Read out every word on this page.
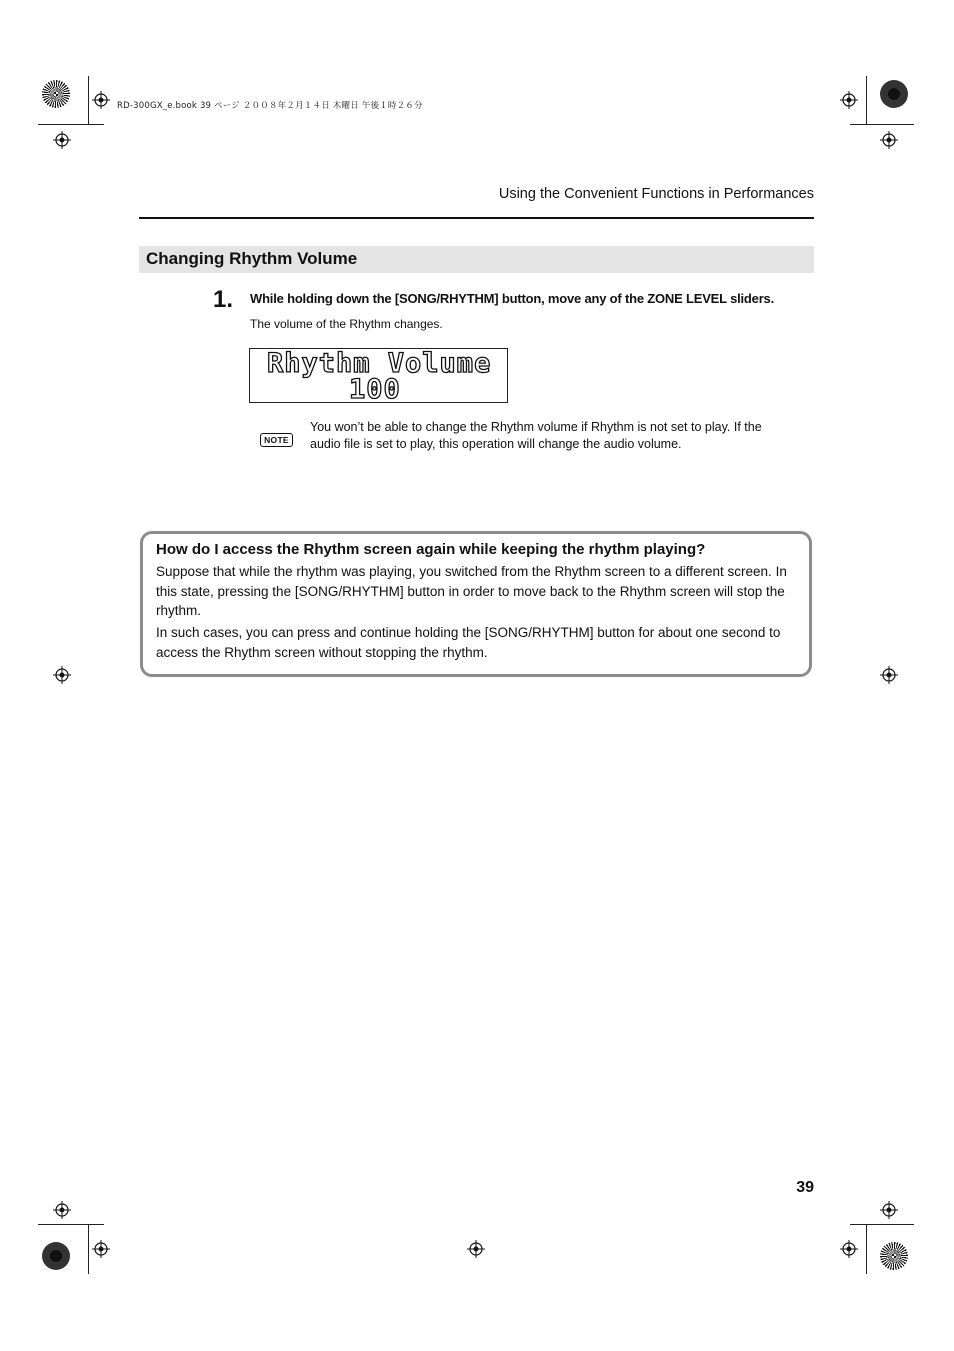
RD-300GX_e.book 39 ページ ２００８年２月１４日 木曜日 午後１時２６分
Using the Convenient Functions in Performances
Changing Rhythm Volume
1. While holding down the [SONG/RHYTHM] button, move any of the ZONE LEVEL sliders.
The volume of the Rhythm changes.
Rhythm Volume
100
NOTE
You won’t be able to change the Rhythm volume if Rhythm is not set to play. If the audio file is set to play, this operation will change the audio volume.
How do I access the Rhythm screen again while keeping the rhythm playing?
Suppose that while the rhythm was playing, you switched from the Rhythm screen to a different screen. In this state, pressing the [SONG/RHYTHM] button in order to move back to the Rhythm screen will stop the rhythm.
In such cases, you can press and continue holding the [SONG/RHYTHM] button for about one second to access the Rhythm screen without stopping the rhythm.
39
